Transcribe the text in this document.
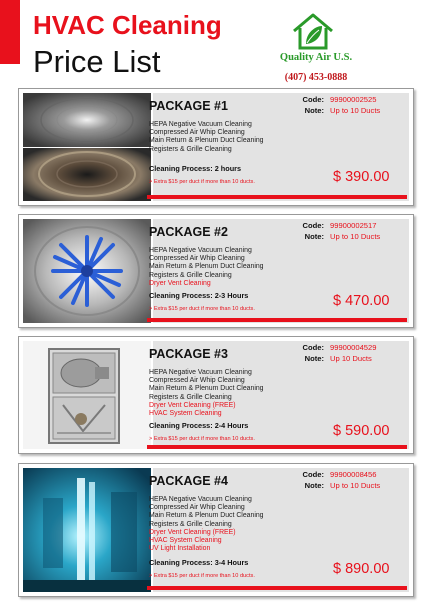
HVAC Cleaning
Price List	Quality Air U.S.
(407) 453-0888
PACKAGE #1	Code: 99900002525
Note: Up to 10 Ducts
HEPA Negative Vacuum Cleaning
Compressed Air Whip Cleaning
Main Return & Plenum Duct Cleaning
Registers & Grille Cleaning
Cleaning Process: 2 hours
> Extra $15 per duct if more than 10 ducts.	$ 390.00
PACKAGE #2	Code: 99900002517
Note: Up to 10 Ducts
HEPA Negative Vacuum Cleaning
Compressed Air Whip Cleaning
Main Return & Plenum Duct Cleaning
Registers & Grille Cleaning
Dryer Vent Cleaning
Cleaning Process: 2-3 Hours
> Extra $15 per duct if more than 10 ducts.	$ 470.00
PACKAGE #3	Code: 99900004529
Note: Up 10 Ducts
HEPA Negative Vacuum Cleaning
Compressed Air Whip Cleaning
Main Return & Plenum Duct Cleaning
Registers & Grille Cleaning
Dryer Vent Cleaning (FREE)
HVAC System Cleaning
Cleaning Process: 2-4 Hours
> Extra $15 per duct if more than 10 ducts.	$ 590.00
PACKAGE #4	Code: 99900008456
Note: Up to 10 Ducts
HEPA Negative Vacuum Cleaning
Compressed Air Whip Cleaning
Main Return & Plenum Duct Cleaning
Registers & Grille Cleaning
Dryer Vent Cleaning (FREE)
HVAC System Cleaning
UV Light Installation
Cleaning Process: 3-4 Hours
> Extra $15 per duct if more than 10 ducts.	$ 890.00
